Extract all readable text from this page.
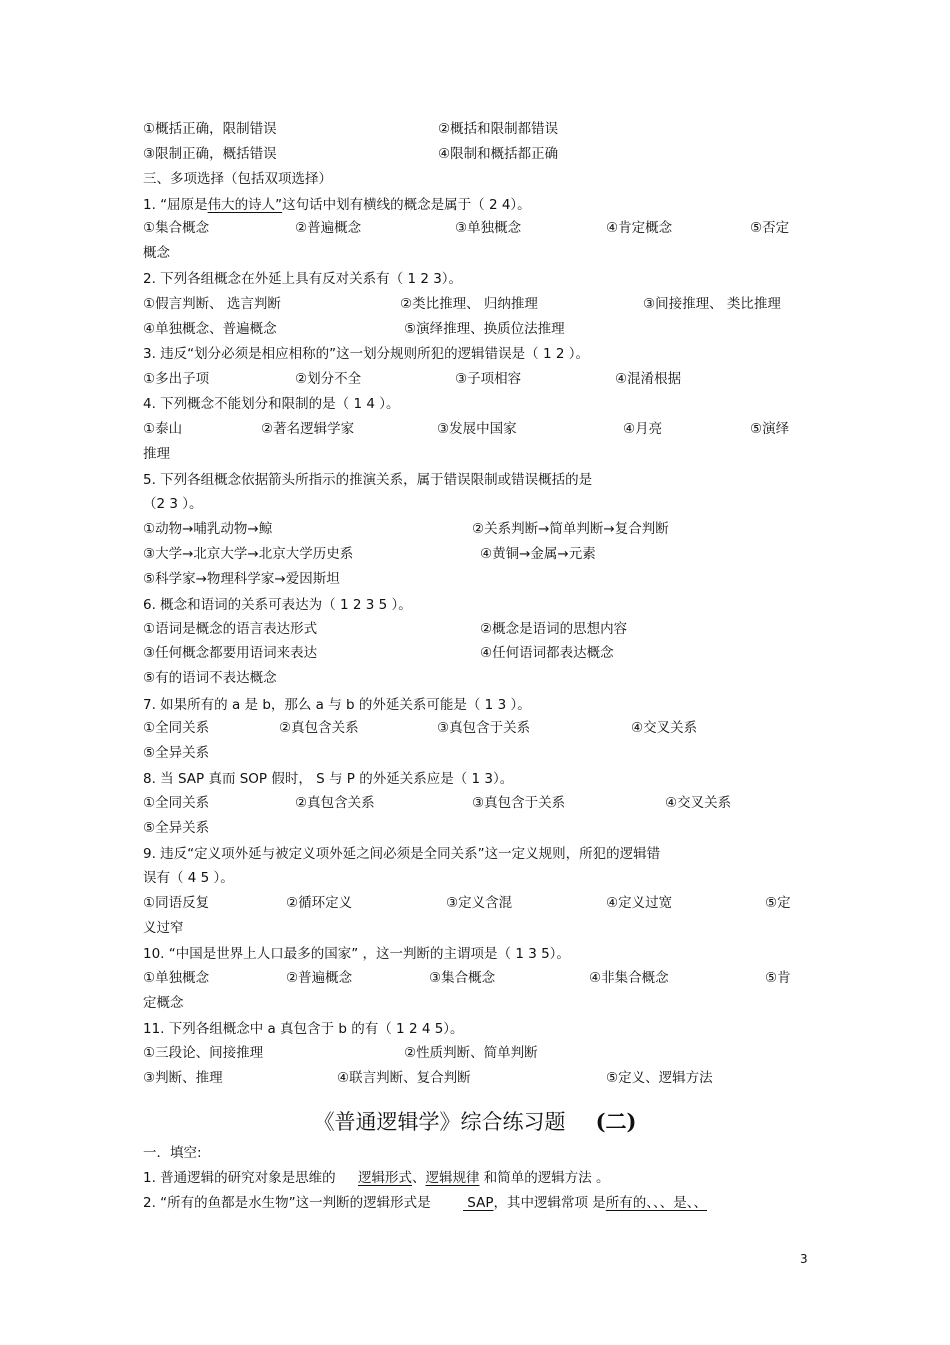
①概括正确，限制错误	②概括和限制都错误
③限制正确，概括错误	④限制和概括都正确
三、多项选择（包括双项选择）
1. “屈原是伟大的诗人”这句话中划有横线的概念是属于（ 2 4）。
①集合概念	②普遍概念	③单独概念	④肯定概念	⑤否定
概念
2. 下列各组概念在外延上具有反对关系有（ 1 2 3）。
①假言判断、 选言判断	②类比推理、 归纳推理	③间接推理、 类比推理
④单独概念、普遍概念	⑤演绎推理、换质位法推理
3. 违反“划分必须是相应相称的”这一划分规则所犯的逻辑错误是（ 1 2 ）。
①多出子项	②划分不全	③子项相容	④混淆根据
4. 下列概念不能划分和限制的是（ 1 4 ）。
①泰山	②著名逻辑学家	③发展中国家	④月亮	⑤演绎
推理
5. 下列各组概念依据箭头所指示的推演关系，属于错误限制或错误概括的是
（2 3 ）。
①动物→哺乳动物→鲸	②关系判断→简单判断→复合判断
③大学→北京大学→北京大学历史系	④黄铜→金属→元素
⑤科学家→物理科学家→爱因斯坦
6. 概念和语词的关系可表达为（ 1 2 3 5 ）。
①语词是概念的语言表达形式	②概念是语词的思想内容
③任何概念都要用语词来表达	④任何语词都表达概念
⑤有的语词不表达概念
7. 如果所有的 a 是 b，那么 a 与 b 的外延关系可能是（ 1 3 ）。
①全同关系	②真包含关系	③真包含于关系	④交叉关系
⑤全异关系
8. 当 SAP 真而 SOP 假时， S 与 P 的外延关系应是（ 1 3）。
①全同关系	②真包含关系	③真包含于关系	④交叉关系
⑤全异关系
9. 违反“定义项外延与被定义项外延之间必须是全同关系”这一定义规则，所犯的逻辑错
误有（ 4 5 ）。
①同语反复	②循环定义	③定义含混	④定义过宽	⑤定
义过窄
10. “中国是世界上人口最多的国家” ，这一判断的主谓项是（ 1 3 5）。
①单独概念	②普遍概念	③集合概念	④非集合概念	⑤肯
定概念
11. 下列各组概念中 a 真包含于 b 的有（ 1 2 4 5）。
①三段论、间接推理	②性质判断、简单判断
③判断、推理	④联言判断、复合判断	⑤定义、逻辑方法
《普通逻辑学》综合练习题 (二)
一．填空:
1. 普通逻辑的研究对象是思维的 逻辑形式、逻辑规律 和简单的逻辑方法 。
2. “所有的鱼都是水生物”这一判断的逻辑形式是  SAP，其中逻辑常项 是所有的、、、是、、
3
